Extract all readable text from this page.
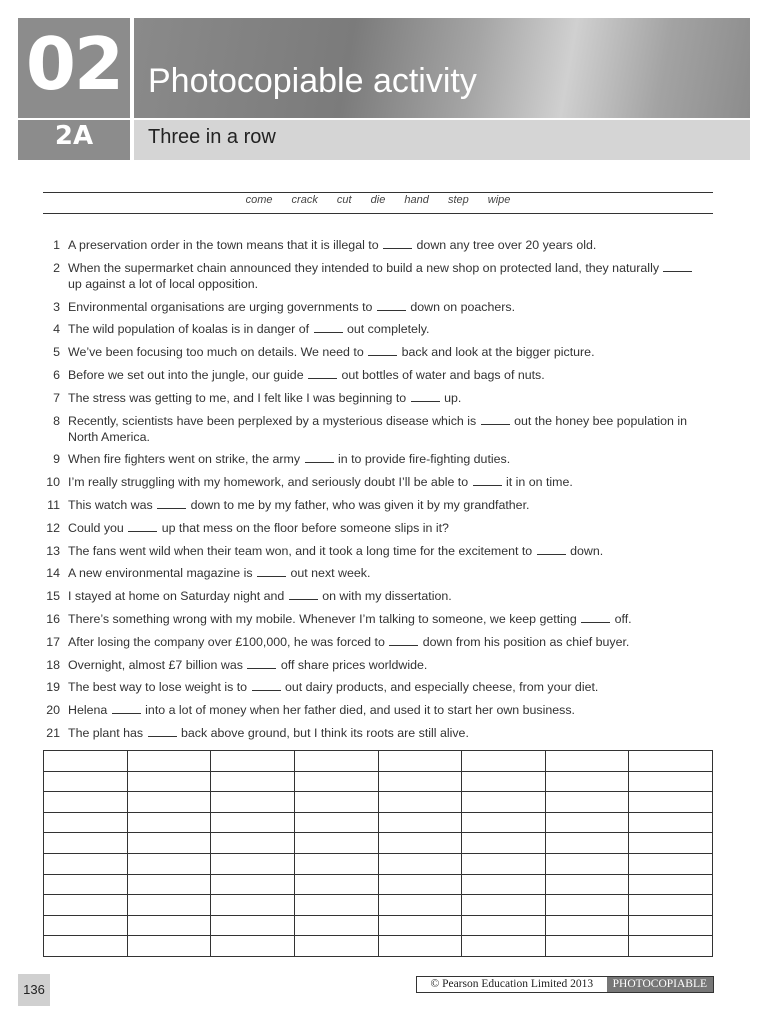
02
2A
Photocopiable activity
Three in a row
come crack cut die hand step wipe
1 A preservation order in the town means that it is illegal to	down any tree over 20 years old.
2 When the supermarket chain announced they intended to build a new shop on protected land, they naturally  up against a lot of local opposition.
3 Environmental organisations are urging governments to	down on poachers.
4 The wild population of koalas is in danger of	out completely.
5 We’ve been focusing too much on details. We need to	back and look at the bigger picture.
6 Before we set out into the jungle, our guide	out bottles of water and bags of nuts.
7 The stress was getting to me, and I felt like I was beginning to	up.
8 Recently, scientists have been perplexed by a mysterious disease which is	out the honey bee population in North America.
9 When fire fighters went on strike, the army	in to provide fire-fighting duties.
10 I’m really struggling with my homework, and seriously doubt I’ll be able to	it in on time.
11 This watch was	down to me by my father, who was given it by my grandfather.
12 Could you	up that mess on the floor before someone slips in it?
13 The fans went wild when their team won, and it took a long time for the excitement to	down.
14 A new environmental magazine is	out next week.
15 I stayed at home on Saturday night and	on with my dissertation.
16 There’s something wrong with my mobile. Whenever I’m talking to someone, we keep getting	off.
17 After losing the company over £100,000, he was forced to	down from his position as chief buyer.
18 Overnight, almost £7 billion was	off share prices worldwide.
19 The best way to lose weight is to	out dairy products, and especially cheese, from your diet.
20 Helena	into a lot of money when her father died, and used it to start her own business.
21 The plant has	back above ground, but I think its roots are still alive.

136	© Pearson Education Limited 2013	PHOTOCOPIABLE
